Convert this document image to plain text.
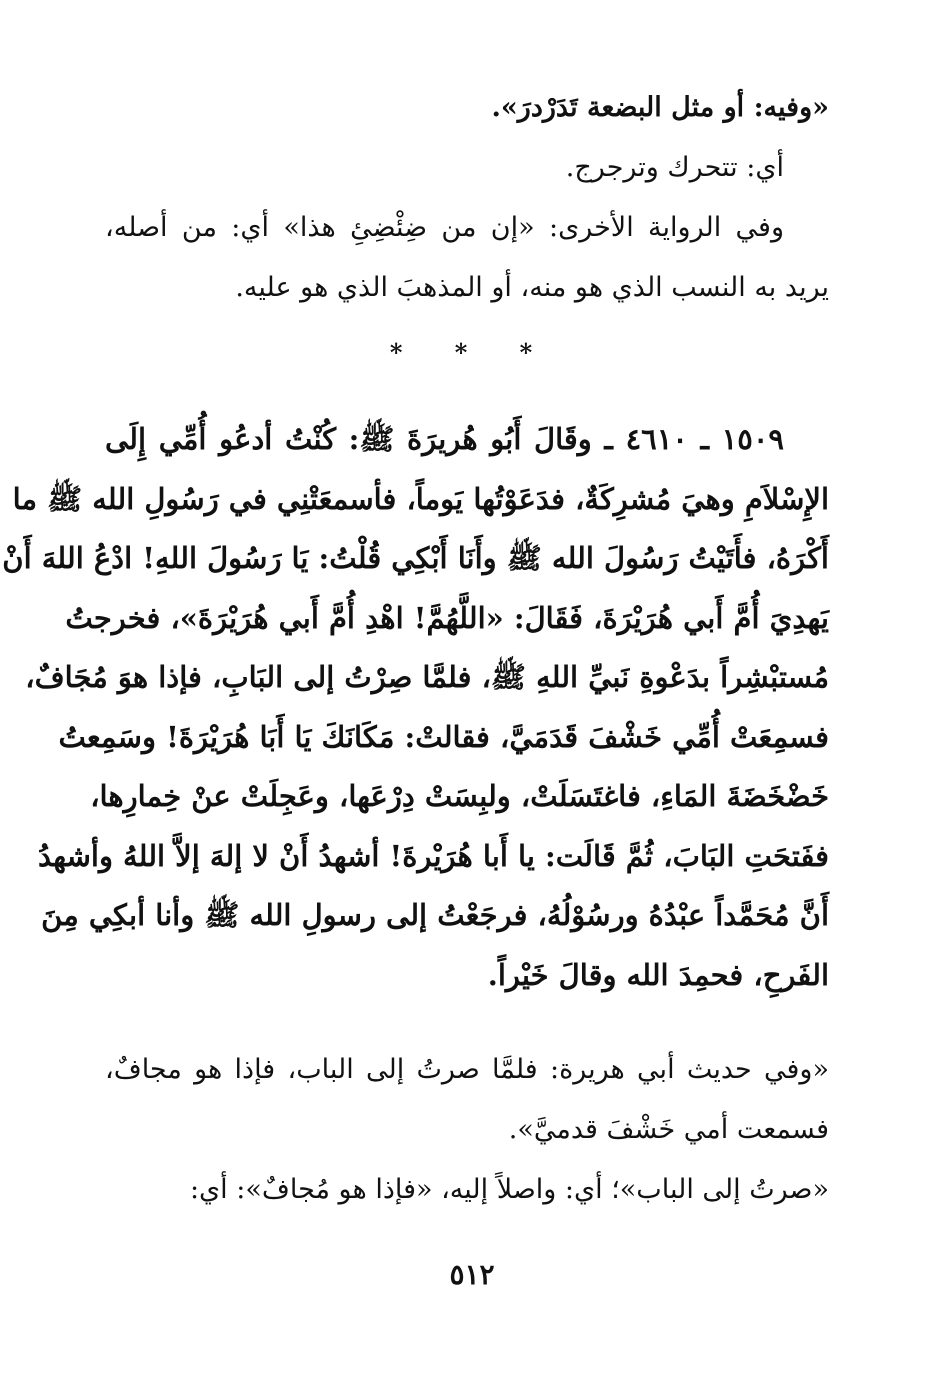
«وفيه: أو مثل البضعة تَدَرْدرَ».
أي: تتحرك وترجرج.
وفي الرواية الأخرى: «إن من ضِئْضِئِ هذا» أي: من أصله،
يريد به النسب الذي هو منه، أو المذهبَ الذي هو عليه.
١٥٠٩ ـ ٤٦١٠ ـ وقَالَ أَبُو هُريرَةَ ﷺ: كُنْتُ أدعُو أُمِّي إِلَى
الإِسْلاَمِ وهيَ مُشرِكَةٌ، فدَعَوْتُها يَوماً، فأسمعَتْنِي في رَسُولِ الله ﷺ ما
أَكْرَهُ، فأَتَيْتُ رَسُولَ الله ﷺ وأَنَا أَبْكِي قُلْتُ: يَا رَسُولَ اللهِ! ادْعُ اللهَ أَنْ
يَهدِيَ أُمَّ أَبي هُرَيْرَةَ، فَقَالَ: «اللَّهُمَّ! اهْدِ أُمَّ أَبي هُرَيْرَةَ»، فخرجتُ
مُستبْشِراً بدَعْوةِ نَبيِّ اللهِ ﷺ، فلمَّا صِرْتُ إلى البَابِ، فإذا هوَ مُجَافٌ،
فسمِعَتْ أُمِّي خَشْفَ قَدَمَيَّ، فقالتْ: مَكَانَكَ يَا أَبَا هُرَيْرَةَ! وسَمِعتُ
خَضْخَضَةَ المَاءِ، فاغتَسَلَتْ، ولبِسَتْ دِرْعَها، وعَجِلَتْ عنْ خِمارِها،
ففَتحَتِ البَابَ، ثُمَّ قَالَت: يا أَبا هُرَيْرةَ! أشهدُ أَنْ لا إلهَ إلاَّ اللهُ وأشهدُ
أَنَّ مُحَمَّداً عبْدُهُ ورسُوْلُهُ، فرجَعْتُ إلى رسولِ الله ﷺ وأنا أبكِي مِنَ
الفَرحِ، فحمِدَ الله وقالَ خَيْراً.
«وفي حديث أبي هريرة: فلمَّا صرتُ إلى الباب، فإذا هو مجافٌ،
فسمعت أمي خَشْفَ قدميَّ».
«صرتُ إلى الباب»؛ أي: واصلاً إليه، «فإذا هو مُجافٌ»: أي:
* * *
٥١٢
